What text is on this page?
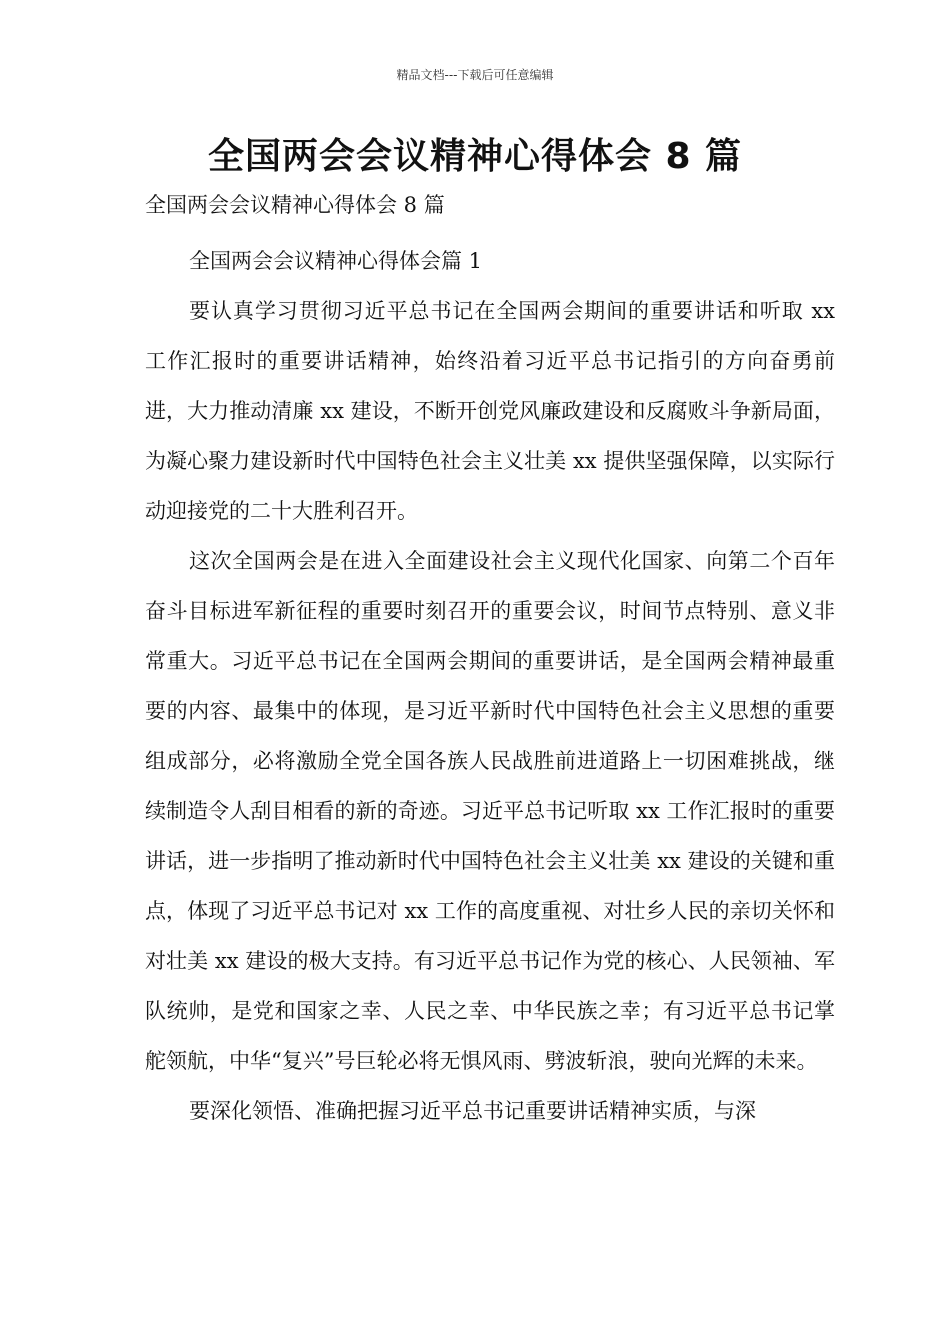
精品文档---下载后可任意编辑
全国两会会议精神心得体会 8 篇

全国两会会议精神心得体会 8 篇

全国两会会议精神心得体会篇 1

要认真学习贯彻习近平总书记在全国两会期间的重要讲话和听取 xx 工作汇报时的重要讲话精神，始终沿着习近平总书记指引的方向奋勇前进，大力推动清廉 xx 建设，不断开创党风廉政建设和反腐败斗争新局面，为凝心聚力建设新时代中国特色社会主义壮美 xx 提供坚强保障，以实际行动迎接党的二十大胜利召开。

这次全国两会是在进入全面建设社会主义现代化国家、向第二个百年奋斗目标进军新征程的重要时刻召开的重要会议，时间节点特别、意义非常重大。习近平总书记在全国两会期间的重要讲话，是全国两会精神最重要的内容、最集中的体现，是习近平新时代中国特色社会主义思想的重要组成部分，必将激励全党全国各族人民战胜前进道路上一切困难挑战，继续制造令人刮目相看的新的奇迹。习近平总书记听取 xx 工作汇报时的重要讲话，进一步指明了推动新时代中国特色社会主义壮美 xx 建设的关键和重点，体现了习近平总书记对 xx 工作的高度重视、对壮乡人民的亲切关怀和对壮美 xx 建设的极大支持。有习近平总书记作为党的核心、人民领袖、军队统帅，是党和国家之幸、人民之幸、中华民族之幸；有习近平总书记掌舵领航，中华“复兴”号巨轮必将无惧风雨、劈波斩浪，驶向光辉的未来。

要深化领悟、准确把握习近平总书记重要讲话精神实质，与深
